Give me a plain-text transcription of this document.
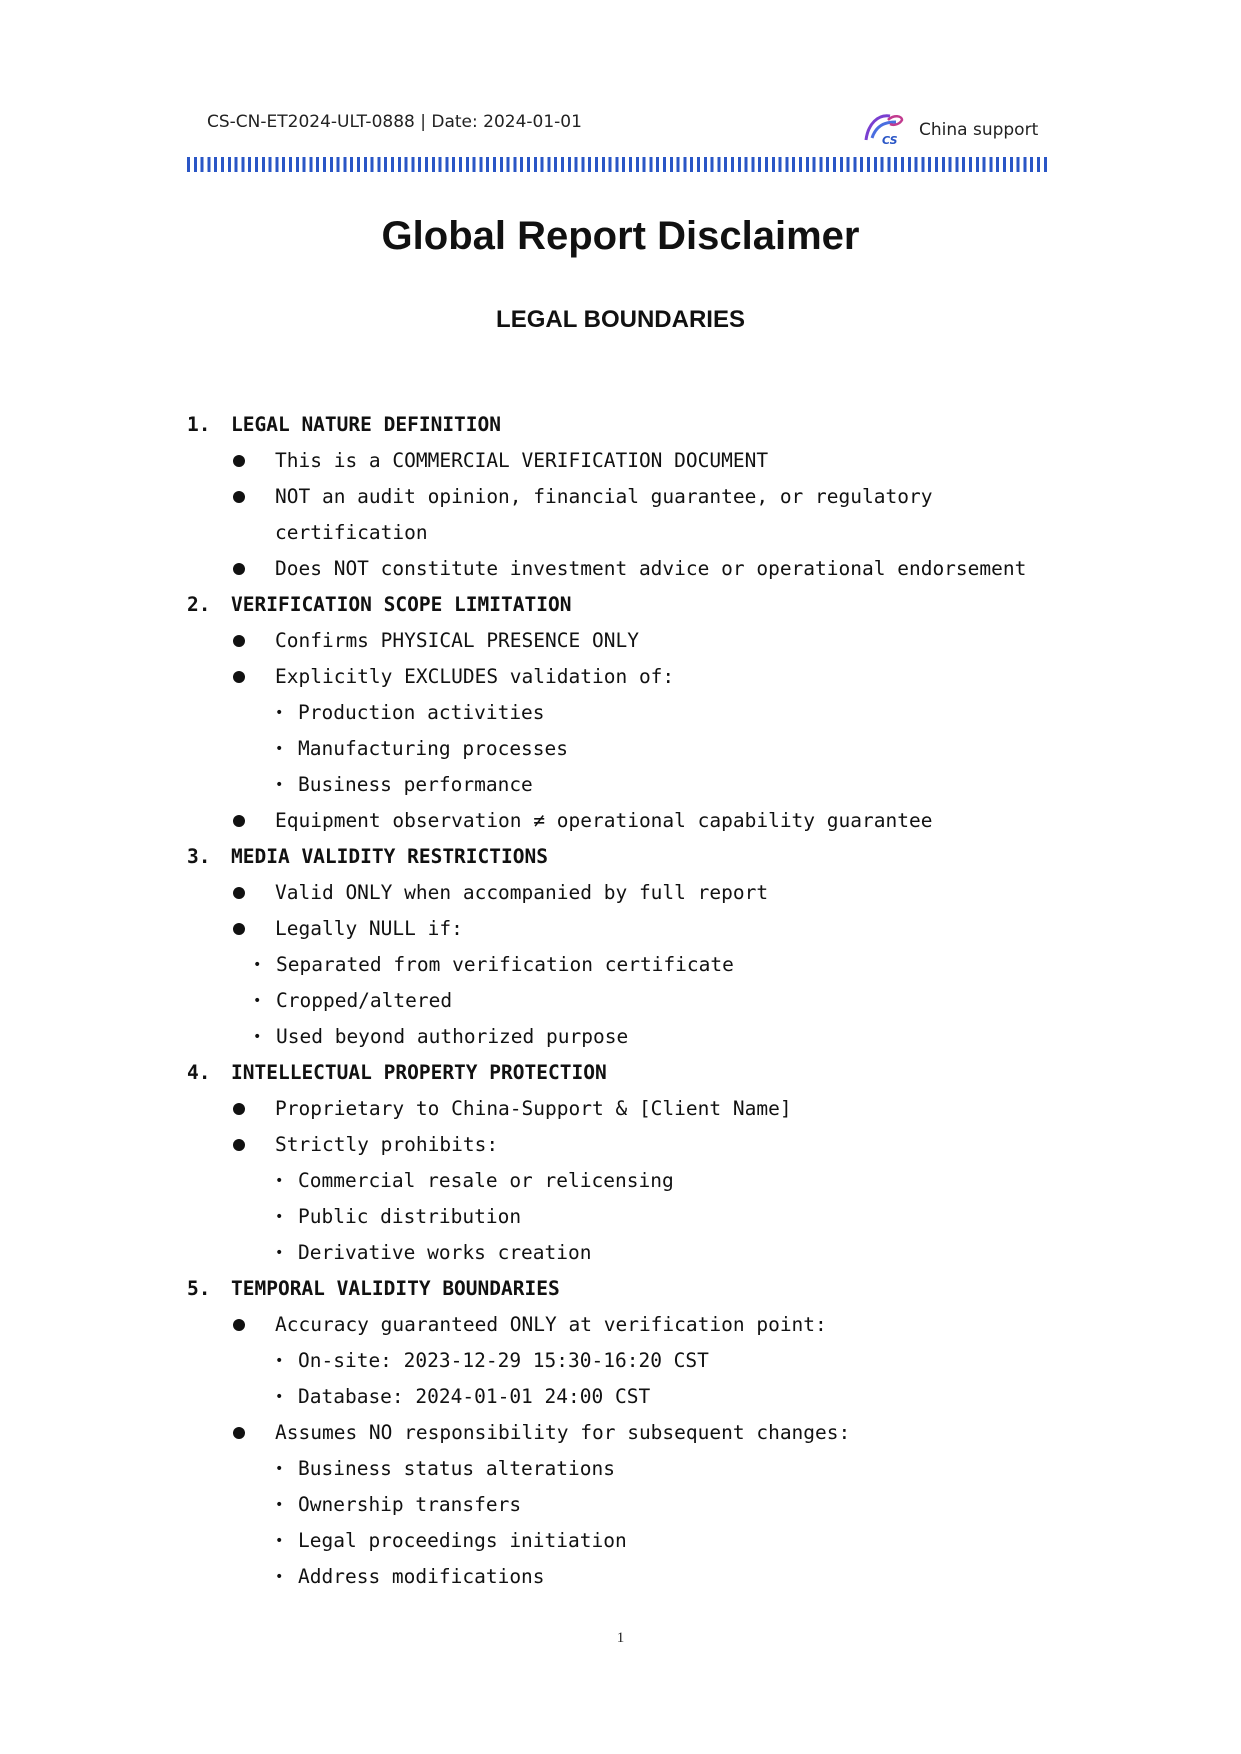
CS-CN-ET2024-ULT-0888 | Date: 2024-01-01
CS
China support
Global Report Disclaimer
LEGAL BOUNDARIES
1. LEGAL NATURE DEFINITION
This is a COMMERCIAL VERIFICATION DOCUMENT
NOT an audit opinion, financial guarantee, or regulatory
certification
Does NOT constitute investment advice or operational endorsement
2. VERIFICATION SCOPE LIMITATION
Confirms PHYSICAL PRESENCE ONLY
Explicitly EXCLUDES validation of:
• Production activities
• Manufacturing processes
• Business performance
Equipment observation ≠ operational capability guarantee
3. MEDIA VALIDITY RESTRICTIONS
Valid ONLY when accompanied by full report
Legally NULL if:
• Separated from verification certificate
• Cropped/altered
• Used beyond authorized purpose
4. INTELLECTUAL PROPERTY PROTECTION
Proprietary to China-Support & [Client Name]
Strictly prohibits:
• Commercial resale or relicensing
• Public distribution
• Derivative works creation
5. TEMPORAL VALIDITY BOUNDARIES
Accuracy guaranteed ONLY at verification point:
• On-site: 2023-12-29 15:30-16:20 CST
• Database: 2024-01-01 24:00 CST
Assumes NO responsibility for subsequent changes:
• Business status alterations
• Ownership transfers
• Legal proceedings initiation
• Address modifications
1
